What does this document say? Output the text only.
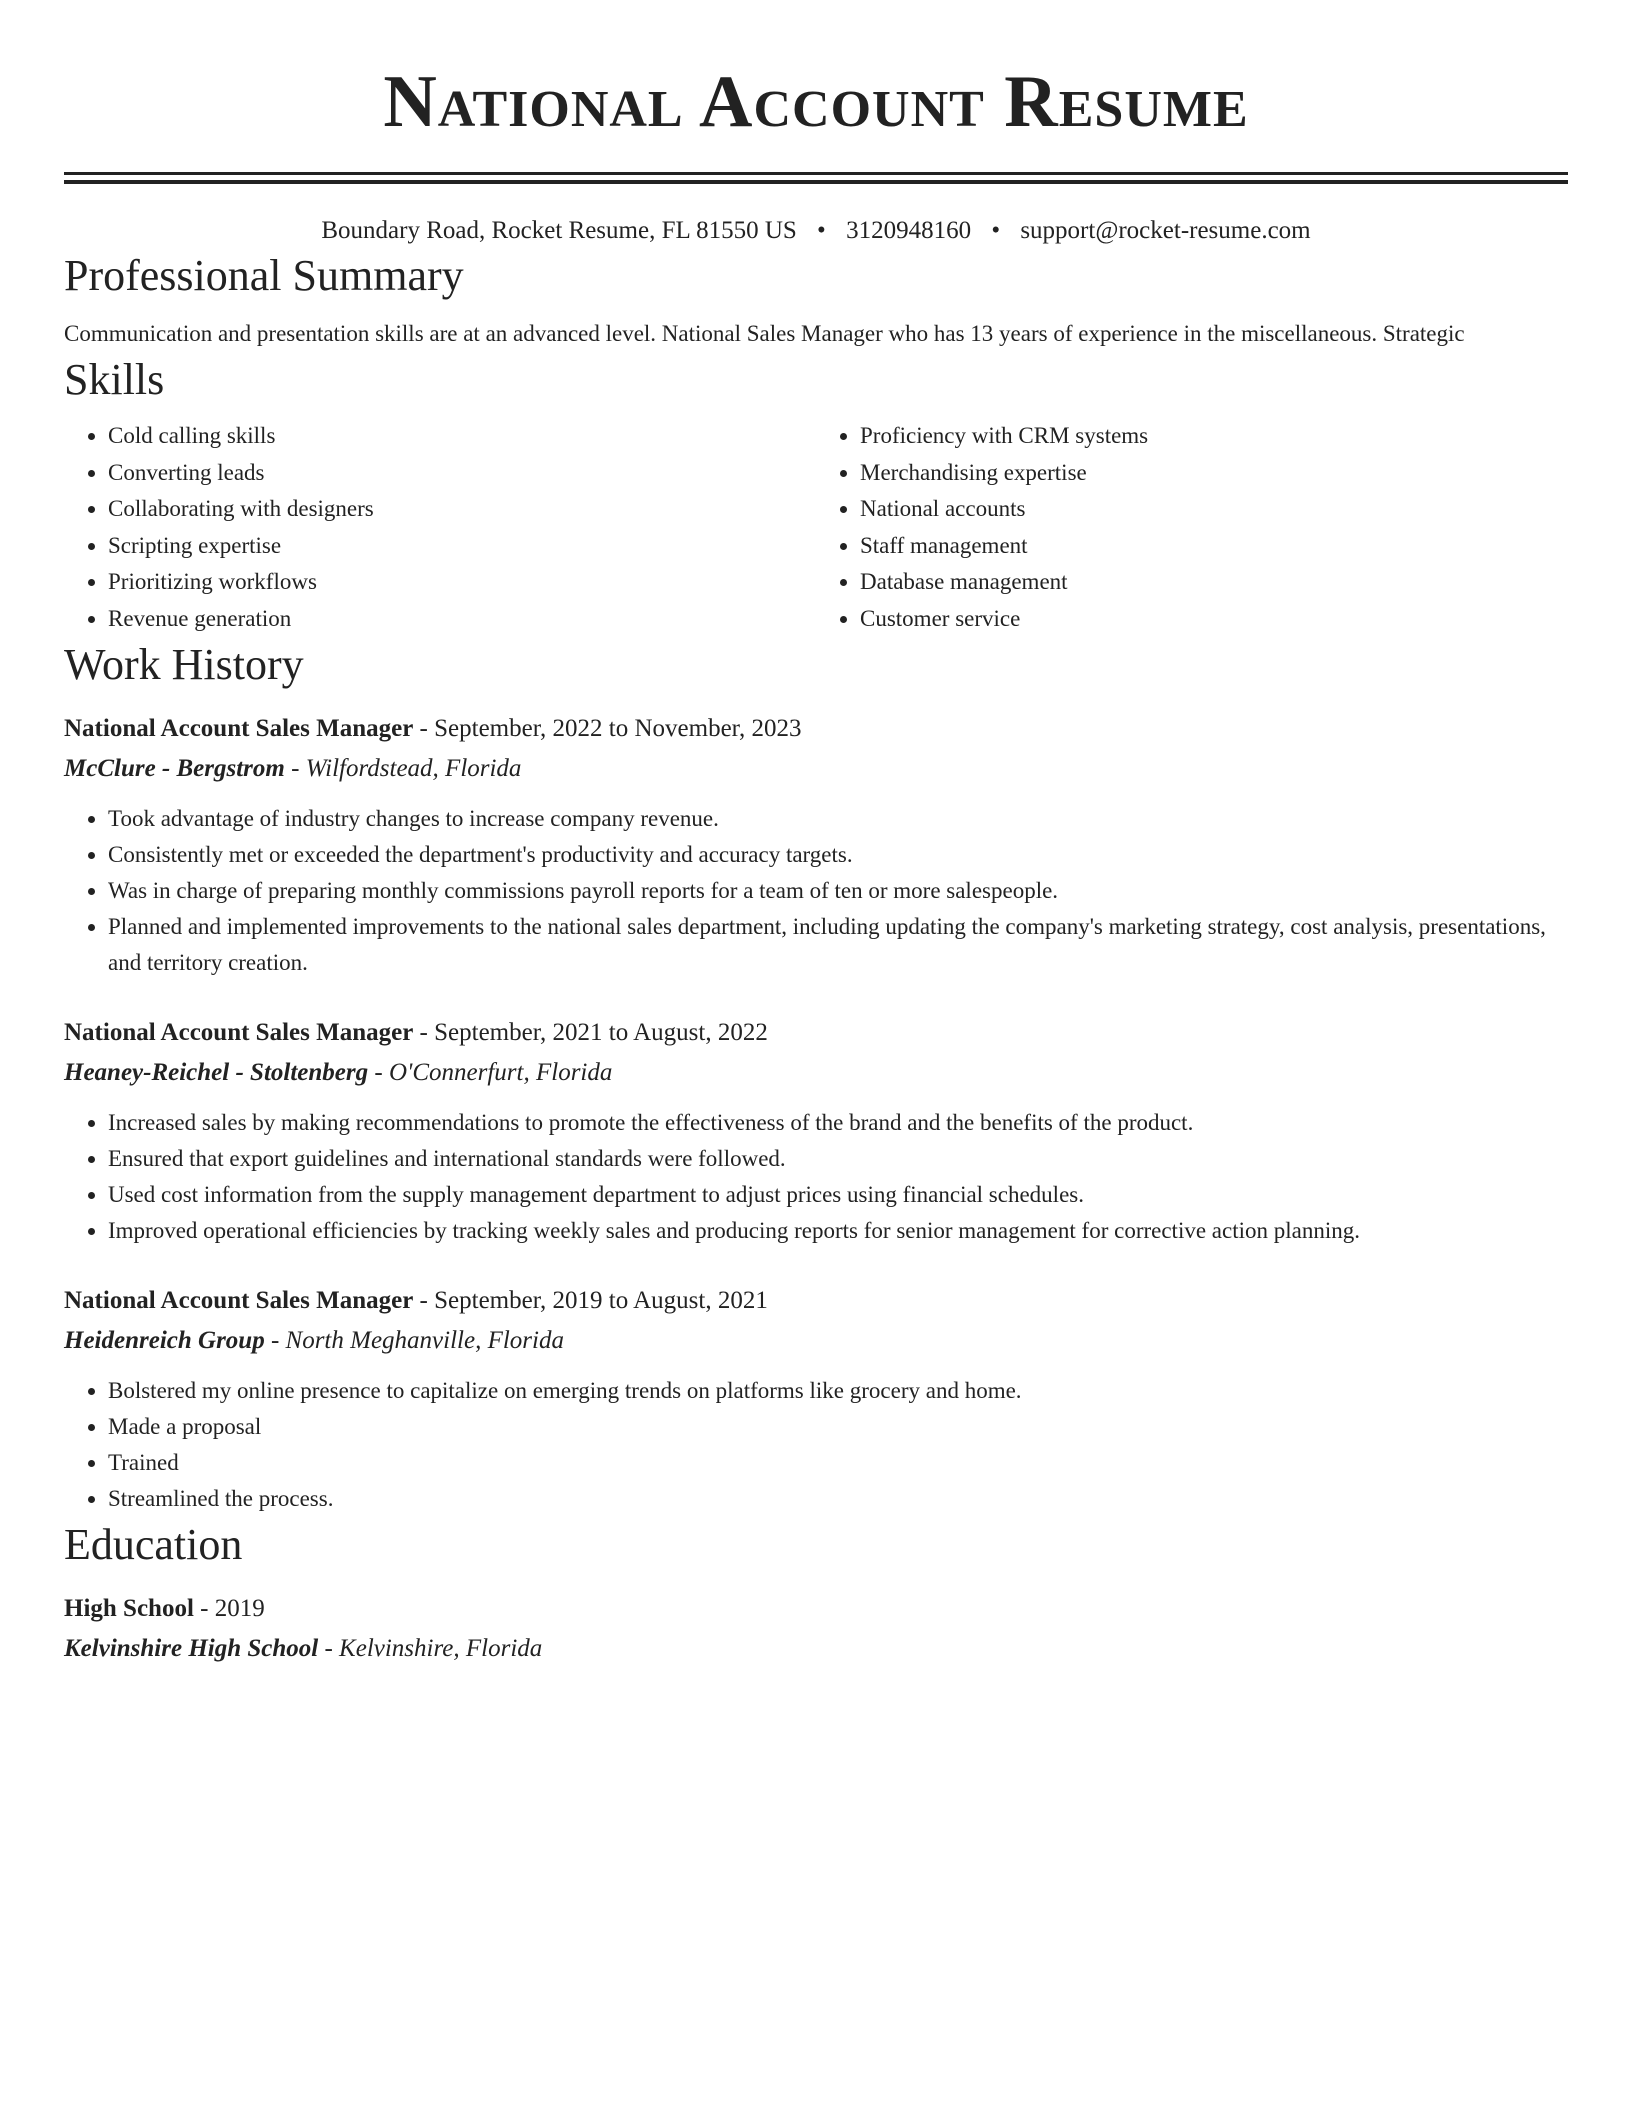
National Account Resume
Boundary Road, Rocket Resume, FL 81550 US • 3120948160 • support@rocket-resume.com
Professional Summary
Communication and presentation skills are at an advanced level. National Sales Manager who has 13 years of experience in the miscellaneous. Strategic
Skills
• Cold calling skills
• Converting leads
• Collaborating with designers
• Scripting expertise
• Prioritizing workflows
• Revenue generation
• Proficiency with CRM systems
• Merchandising expertise
• National accounts
• Staff management
• Database management
• Customer service
Work History
National Account Sales Manager - September, 2022 to November, 2023
McClure - Bergstrom - Wilfordstead, Florida
• Took advantage of industry changes to increase company revenue.
• Consistently met or exceeded the department's productivity and accuracy targets.
• Was in charge of preparing monthly commissions payroll reports for a team of ten or more salespeople.
• Planned and implemented improvements to the national sales department, including updating the company's marketing strategy, cost analysis, presentations, and territory creation.
National Account Sales Manager - September, 2021 to August, 2022
Heaney-Reichel - Stoltenberg - O'Connerfurt, Florida
• Increased sales by making recommendations to promote the effectiveness of the brand and the benefits of the product.
• Ensured that export guidelines and international standards were followed.
• Used cost information from the supply management department to adjust prices using financial schedules.
• Improved operational efficiencies by tracking weekly sales and producing reports for senior management for corrective action planning.
National Account Sales Manager - September, 2019 to August, 2021
Heidenreich Group - North Meghanville, Florida
• Bolstered my online presence to capitalize on emerging trends on platforms like grocery and home.
• Made a proposal
• Trained
• Streamlined the process.
Education
High School - 2019
Kelvinshire High School - Kelvinshire, Florida
